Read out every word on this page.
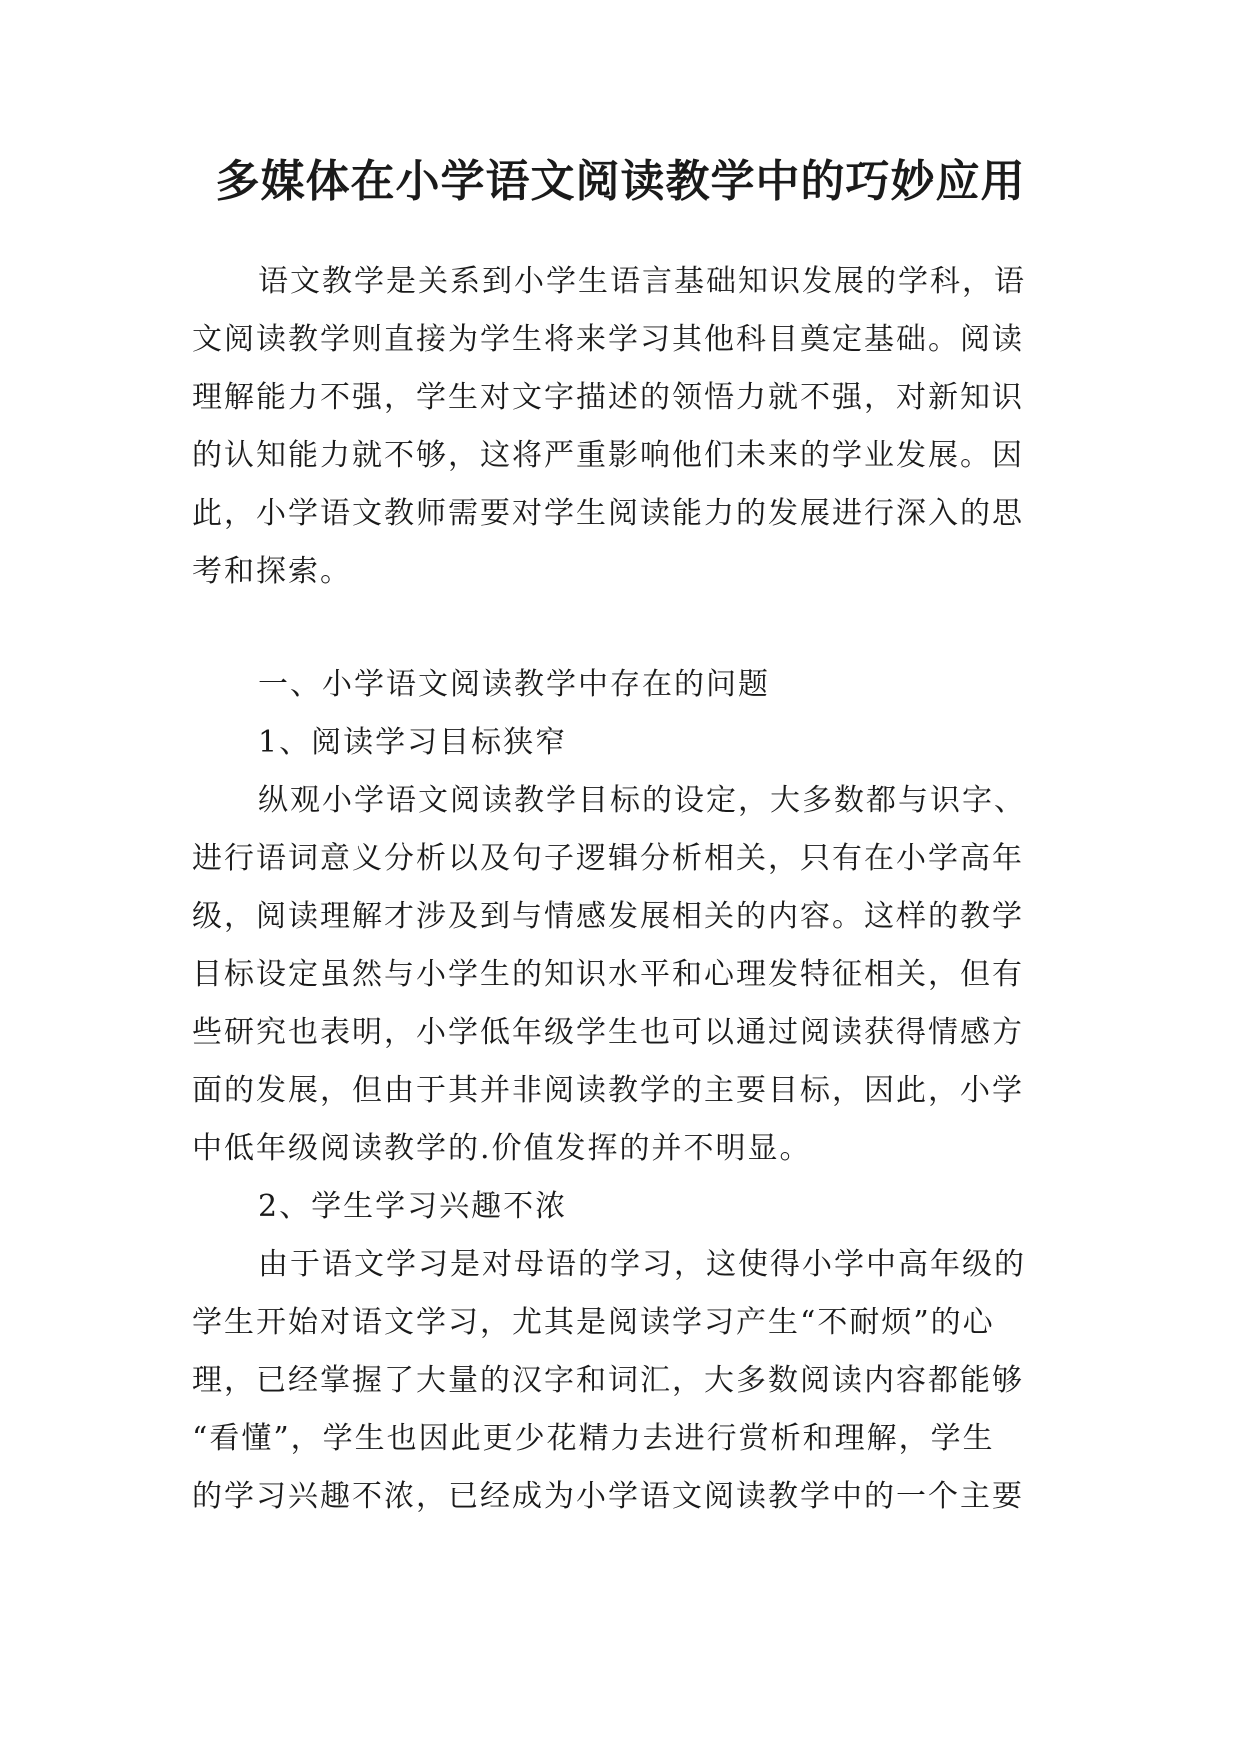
多媒体在小学语文阅读教学中的巧妙应用

语文教学是关系到小学生语言基础知识发展的学科，语

文阅读教学则直接为学生将来学习其他科目奠定基础。阅读

理解能力不强，学生对文字描述的领悟力就不强，对新知识

的认知能力就不够，这将严重影响他们未来的学业发展。因

此，小学语文教师需要对学生阅读能力的发展进行深入的思

考和探索。

一、小学语文阅读教学中存在的问题

1、阅读学习目标狭窄

纵观小学语文阅读教学目标的设定，大多数都与识字、

进行语词意义分析以及句子逻辑分析相关，只有在小学高年

级，阅读理解才涉及到与情感发展相关的内容。这样的教学

目标设定虽然与小学生的知识水平和心理发特征相关，但有

些研究也表明，小学低年级学生也可以通过阅读获得情感方

面的发展，但由于其并非阅读教学的主要目标，因此，小学

中低年级阅读教学的.价值发挥的并不明显。

2、学生学习兴趣不浓

由于语文学习是对母语的学习，这使得小学中高年级的

学生开始对语文学习，尤其是阅读学习产生“不耐烦”的心

理，已经掌握了大量的汉字和词汇，大多数阅读内容都能够

“看懂”，学生也因此更少花精力去进行赏析和理解，学生

的学习兴趣不浓，已经成为小学语文阅读教学中的一个主要
